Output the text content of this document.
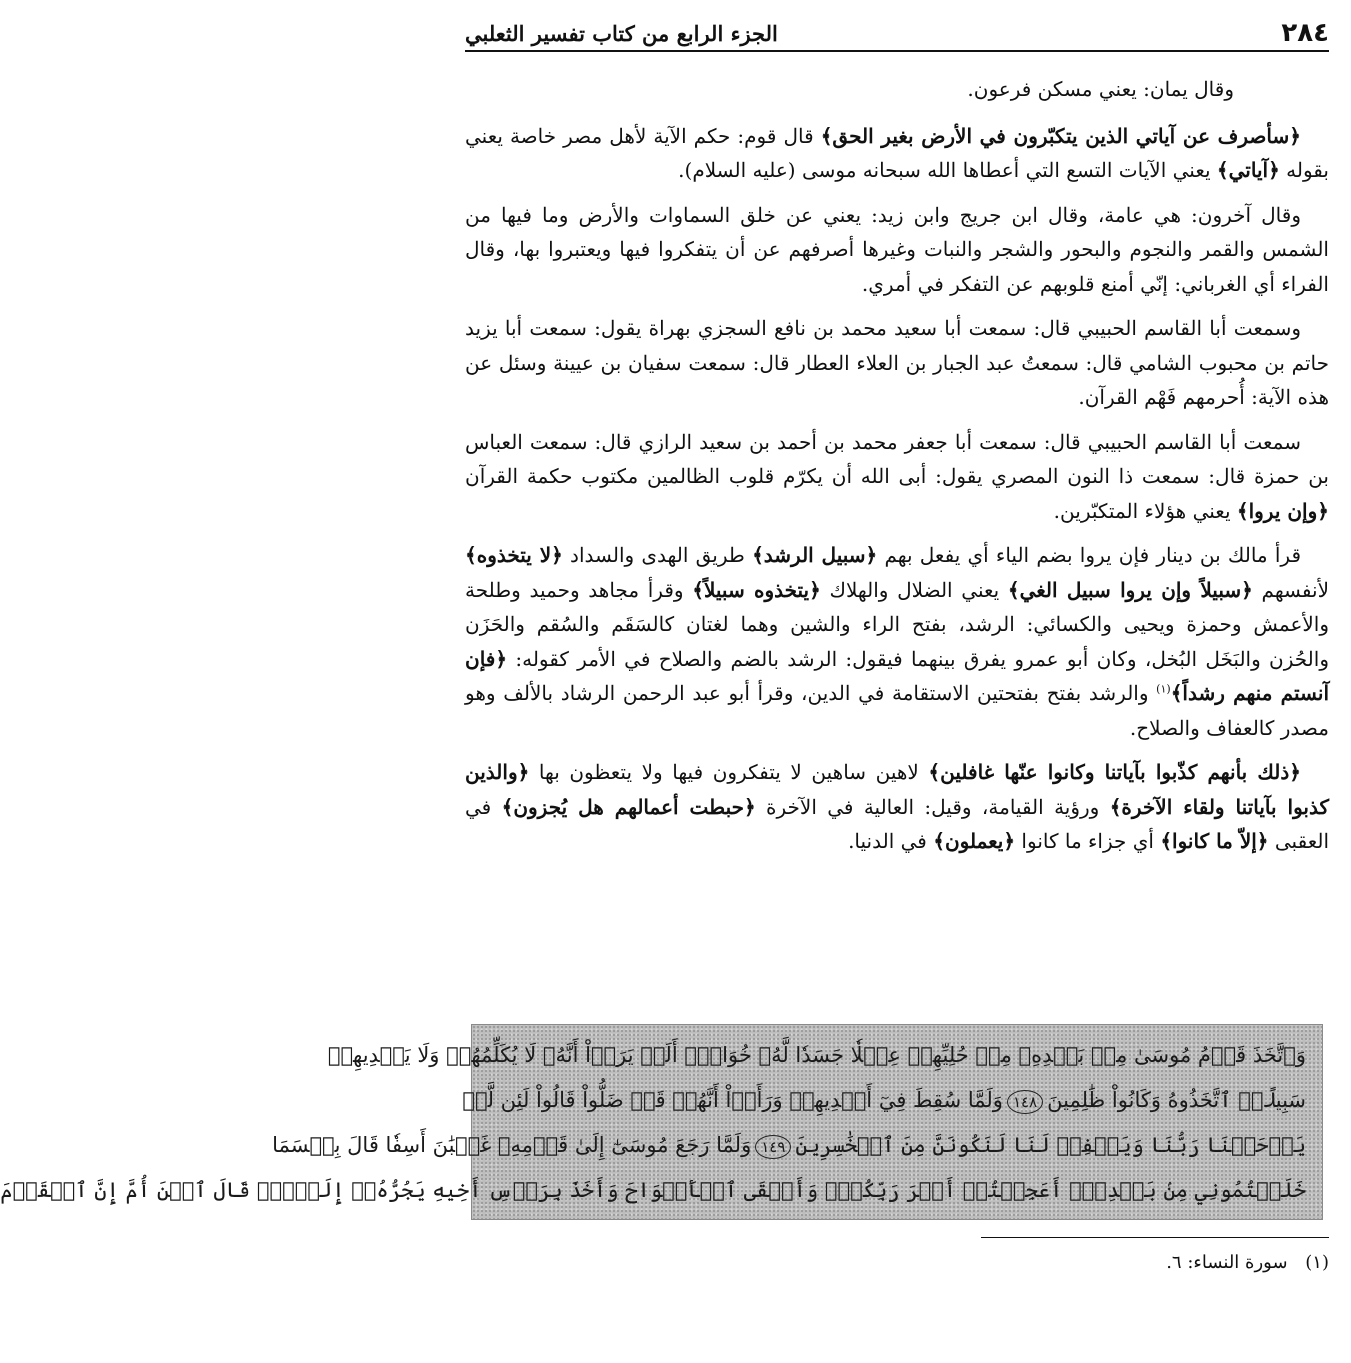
٢٨٤
الجزء الرابع من كتاب تفسير الثعلبي

وقال يمان: يعني مسكن فرعون.

﴿سأصرف عن آياتي الذين يتكبّرون في الأرض بغير الحق﴾ قال قوم: حكم الآية لأهل مصر خاصة يعني بقوله ﴿آياتي﴾ يعني الآيات التسع التي أعطاها الله سبحانه موسى (عليه السلام).

وقال آخرون: هي عامة، وقال ابن جريج وابن زيد: يعني عن خلق السماوات والأرض وما فيها من الشمس والقمر والنجوم والبحور والشجر والنبات وغيرها أصرفهم عن أن يتفكروا فيها ويعتبروا بها، وقال الفراء أي الغرباني: إنّي أمنع قلوبهم عن التفكر في أمري.

وسمعت أبا القاسم الحبيبي قال: سمعت أبا سعيد محمد بن نافع السجزي بهراة يقول: سمعت أبا يزيد حاتم بن محبوب الشامي قال: سمعتُ عبد الجبار بن العلاء العطار قال: سمعت سفيان بن عيينة وسئل عن هذه الآية: أُحرمهم فَهْم القرآن.

سمعت أبا القاسم الحبيبي قال: سمعت أبا جعفر محمد بن أحمد بن سعيد الرازي قال: سمعت العباس بن حمزة قال: سمعت ذا النون المصري يقول: أبى الله أن يكرّم قلوب الظالمين مكتوب حكمة القرآن ﴿وإن يروا﴾ يعني هؤلاء المتكبّرين.

قرأ مالك بن دينار فإن يروا بضم الياء أي يفعل بهم ﴿سبيل الرشد﴾ طريق الهدى والسداد ﴿لا يتخذوه﴾ لأنفسهم ﴿سبيلاً وإن يروا سبيل الغي﴾ يعني الضلال والهلاك ﴿يتخذوه سبيلاً﴾ وقرأ مجاهد وحميد وطلحة والأعمش وحمزة ويحيى والكسائي: الرشد، بفتح الراء والشين وهما لغتان كالسَقَم والسُقم والحَزَن والحُزن والبَخَل البُخل، وكان أبو عمرو يفرق بينهما فيقول: الرشد بالضم والصلاح في الأمر كقوله: ﴿فإن آنستم منهم رشداً﴾$^{(١)}$ والرشد بفتح بفتحتين الاستقامة في الدين، وقرأ أبو عبد الرحمن الرشاد بالألف وهو مصدر كالعفاف والصلاح.

﴿ذلك بأنهم كذّبوا بآياتنا وكانوا عنّها غافلين﴾ لاهين ساهين لا يتفكرون فيها ولا يتعظون بها ﴿والذين كذبوا بآياتنا ولقاء الآخرة﴾ ورؤية القيامة، وقيل: العالية في الآخرة ﴿حبطت أعمالهم هل يُجزون﴾ في العقبى ﴿إلاّ ما كانوا﴾ أي جزاء ما كانوا ﴿يعملون﴾ في الدنيا.

وَٱتَّخَذَ قَوۡمُ مُوسَىٰ مِنۢ بَعۡدِهِۦ مِنۡ حُلِيِّهِمۡ عِجۡلٗا جَسَدٗا لَّهُۥ خُوَارٌۚ أَلَمۡ يَرَوۡاْ أَنَّهُۥ لَا يُكَلِّمُهُمۡ وَلَا يَهۡدِيهِمۡ
سَبِيلًاۘ ٱتَّخَذُوهُ وَكَانُواْ ظَٰلِمِينَ١٤٨وَلَمَّا سُقِطَ فِيٓ أَيۡدِيهِمۡ وَرَأَوۡاْ أَنَّهُمۡ قَدۡ ضَلُّواْ قَالُواْ لَئِن لَّمۡ
يَرۡحَمۡنَا رَبُّنَا وَيَغۡفِرۡ لَنَا لَنَكُونَنَّ مِنَ ٱلۡخَٰسِرِينَ١٤٩وَلَمَّا رَجَعَ مُوسَىٰٓ إِلَىٰ قَوۡمِهِۦ غَضۡبَٰنَ أَسِفٗا قَالَ بِئۡسَمَا
خَلَفۡتُمُونِي مِنۢ بَعۡدِيٓۖ أَعَجِلۡتُمۡ أَمۡرَ رَبِّكُمۡۖ وَأَلۡقَى ٱلۡأَلۡوَاحَ وَأَخَذَ بِرَأۡسِ أَخِيهِ يَجُرُّهُۥٓ إِلَيۡهِۚ قَالَ ٱبۡنَ أُمَّ إِنَّ ٱلۡقَوۡمَ
(١) سورة النساء: ٦.
